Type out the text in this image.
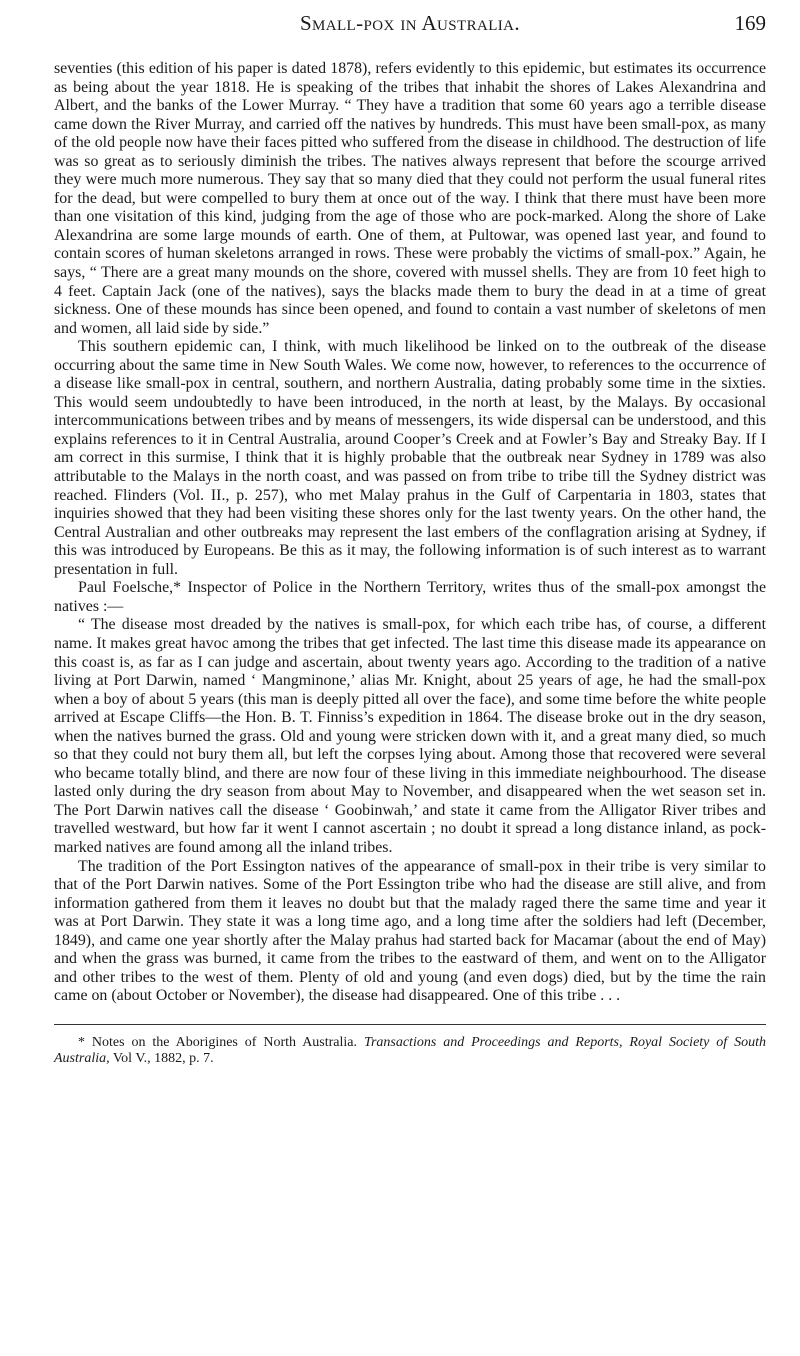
Small-pox in Australia.	169

seventies (this edition of his paper is dated 1878), refers evidently to this epidemic, but estimates its occurrence as being about the year 1818. He is speaking of the tribes that inhabit the shores of Lakes Alexandrina and Albert, and the banks of the Lower Murray. “ They have a tradition that some 60 years ago a terrible disease came down the River Murray, and carried off the natives by hundreds. This must have been small-pox, as many of the old people now have their faces pitted who suffered from the disease in childhood. The destruction of life was so great as to seriously diminish the tribes. The natives always represent that before the scourge arrived they were much more numerous. They say that so many died that they could not perform the usual funeral rites for the dead, but were compelled to bury them at once out of the way. I think that there must have been more than one visitation of this kind, judging from the age of those who are pock-marked. Along the shore of Lake Alexandrina are some large mounds of earth. One of them, at Pultowar, was opened last year, and found to contain scores of human skeletons arranged in rows. These were probably the victims of small-pox.” Again, he says, “ There are a great many mounds on the shore, covered with mussel shells. They are from 10 feet high to 4 feet. Captain Jack (one of the natives), says the blacks made them to bury the dead in at a time of great sickness. One of these mounds has since been opened, and found to contain a vast number of skeletons of men and women, all laid side by side.”

This southern epidemic can, I think, with much likelihood be linked on to the outbreak of the disease occurring about the same time in New South Wales. We come now, however, to references to the occurrence of a disease like small-pox in central, southern, and northern Australia, dating probably some time in the sixties. This would seem undoubtedly to have been introduced, in the north at least, by the Malays. By occasional intercommunications between tribes and by means of messengers, its wide dispersal can be understood, and this explains references to it in Central Australia, around Cooper’s Creek and at Fowler’s Bay and Streaky Bay. If I am correct in this surmise, I think that it is highly probable that the outbreak near Sydney in 1789 was also attributable to the Malays in the north coast, and was passed on from tribe to tribe till the Sydney district was reached. Flinders (Vol. II., p. 257), who met Malay prahus in the Gulf of Carpentaria in 1803, states that inquiries showed that they had been visiting these shores only for the last twenty years. On the other hand, the Central Australian and other outbreaks may represent the last embers of the conflagration arising at Sydney, if this was introduced by Europeans. Be this as it may, the following information is of such interest as to warrant presentation in full.

Paul Foelsche,* Inspector of Police in the Northern Territory, writes thus of the small-pox amongst the natives :—

“ The disease most dreaded by the natives is small-pox, for which each tribe has, of course, a different name. It makes great havoc among the tribes that get infected. The last time this disease made its appearance on this coast is, as far as I can judge and ascertain, about twenty years ago. According to the tradition of a native living at Port Darwin, named ‘ Mangminone,’ alias Mr. Knight, about 25 years of age, he had the small-pox when a boy of about 5 years (this man is deeply pitted all over the face), and some time before the white people arrived at Escape Cliffs—the Hon. B. T. Finniss’s expedition in 1864. The disease broke out in the dry season, when the natives burned the grass. Old and young were stricken down with it, and a great many died, so much so that they could not bury them all, but left the corpses lying about. Among those that recovered were several who became totally blind, and there are now four of these living in this immediate neighbourhood. The disease lasted only during the dry season from about May to November, and disappeared when the wet season set in. The Port Darwin natives call the disease ‘ Goobinwah,’ and state it came from the Alligator River tribes and travelled westward, but how far it went I cannot ascertain ; no doubt it spread a long distance inland, as pock-marked natives are found among all the inland tribes.

The tradition of the Port Essington natives of the appearance of small-pox in their tribe is very similar to that of the Port Darwin natives. Some of the Port Essington tribe who had the disease are still alive, and from information gathered from them it leaves no doubt but that the malady raged there the same time and year it was at Port Darwin. They state it was a long time ago, and a long time after the soldiers had left (December, 1849), and came one year shortly after the Malay prahus had started back for Macamar (about the end of May) and when the grass was burned, it came from the tribes to the eastward of them, and went on to the Alligator and other tribes to the west of them. Plenty of old and young (and even dogs) died, but by the time the rain came on (about October or November), the disease had disappeared. One of this tribe . . .

* Notes on the Aborigines of North Australia. Transactions and Proceedings and Reports, Royal Society of South Australia, Vol V., 1882, p. 7.
